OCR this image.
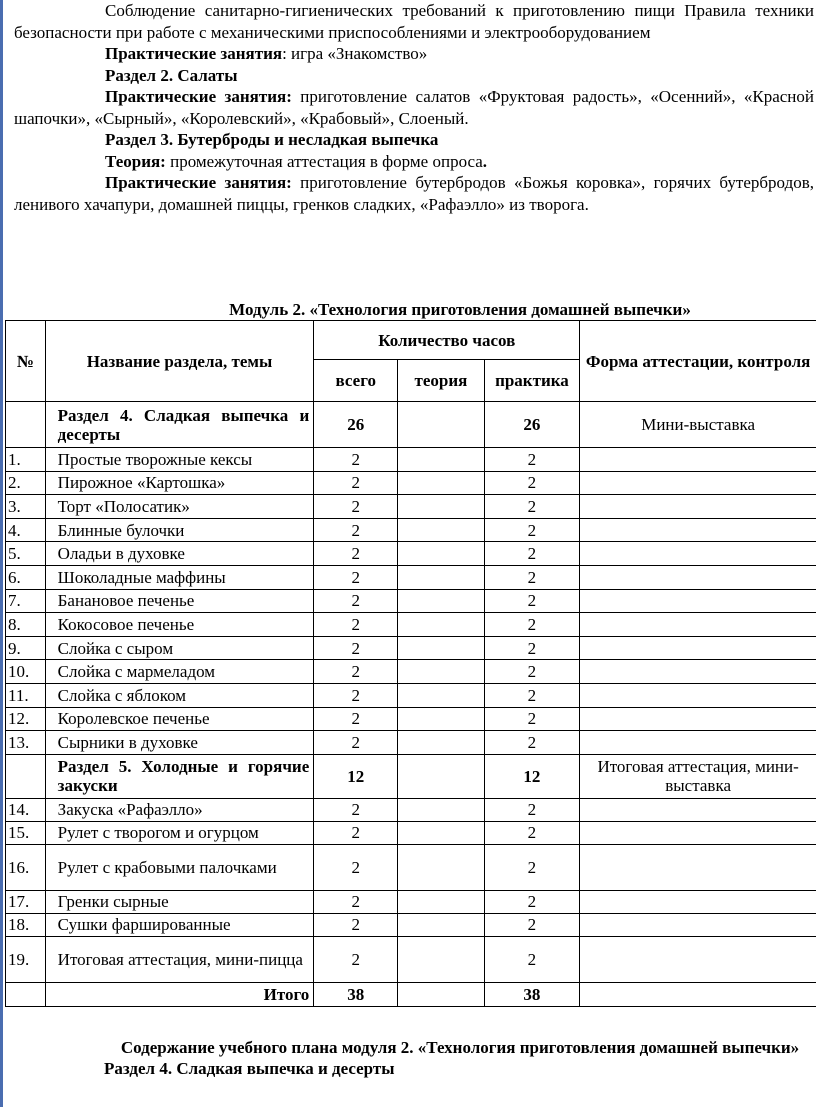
Соблюдение санитарно-гигиенических требований к приготовлению пищи Правила техники безопасности при работе с механическими приспособлениями и электрооборудованием

Практические занятия: игра «Знакомство»

Раздел 2. Салаты

Практические занятия: приготовление салатов «Фруктовая радость», «Осенний», «Красной шапочки», «Сырный», «Королевский», «Крабовый», Слоеный.

Раздел 3. Бутерброды и несладкая выпечка

Теория: промежуточная аттестация в форме опроса.

Практические занятия: приготовление бутербродов «Божья коровка», горячих бутербродов, ленивого хачапури, домашней пиццы, гренков сладких, «Рафаэлло» из творога.

Модуль 2. «Технология приготовления домашней выпечки»
№	Название раздела, темы	Количество часов			Форма аттестации, контроля
		всего	теория	практика	
	Раздел 4. Сладкая выпечка и десерты	26		26	Мини-выставка
1.	Простые творожные кексы	2		2	
2.	Пирожное «Картошка»	2		2	
3.	Торт «Полосатик»	2		2	
4.	Блинные булочки	2		2	
5.	Оладьи в духовке	2		2	
6.	Шоколадные маффины	2		2	
7.	Банановое печенье	2		2	
8.	Кокосовое печенье	2		2	
9.	Слойка с сыром	2		2	
10.	Слойка с мармеладом	2		2	
11.	Слойка с яблоком	2		2	
12.	Королевское печенье	2		2	
13.	Сырники в духовке	2		2	
	Раздел 5. Холодные и горячие закуски	12		12	Итоговая аттестация, мини-выставка
14.	Закуска «Рафаэлло»	2		2	
15.	Рулет с творогом и огурцом	2		2	
16.	Рулет с крабовыми палочками	2		2	
17.	Гренки сырные	2		2	
18.	Сушки фаршированные	2		2	
19.	Итоговая аттестация, мини-пицца	2		2	
	Итого	38		38	
Содержание учебного плана модуля 2. «Технология приготовления домашней выпечки»
Раздел 4. Сладкая выпечка и десерты
